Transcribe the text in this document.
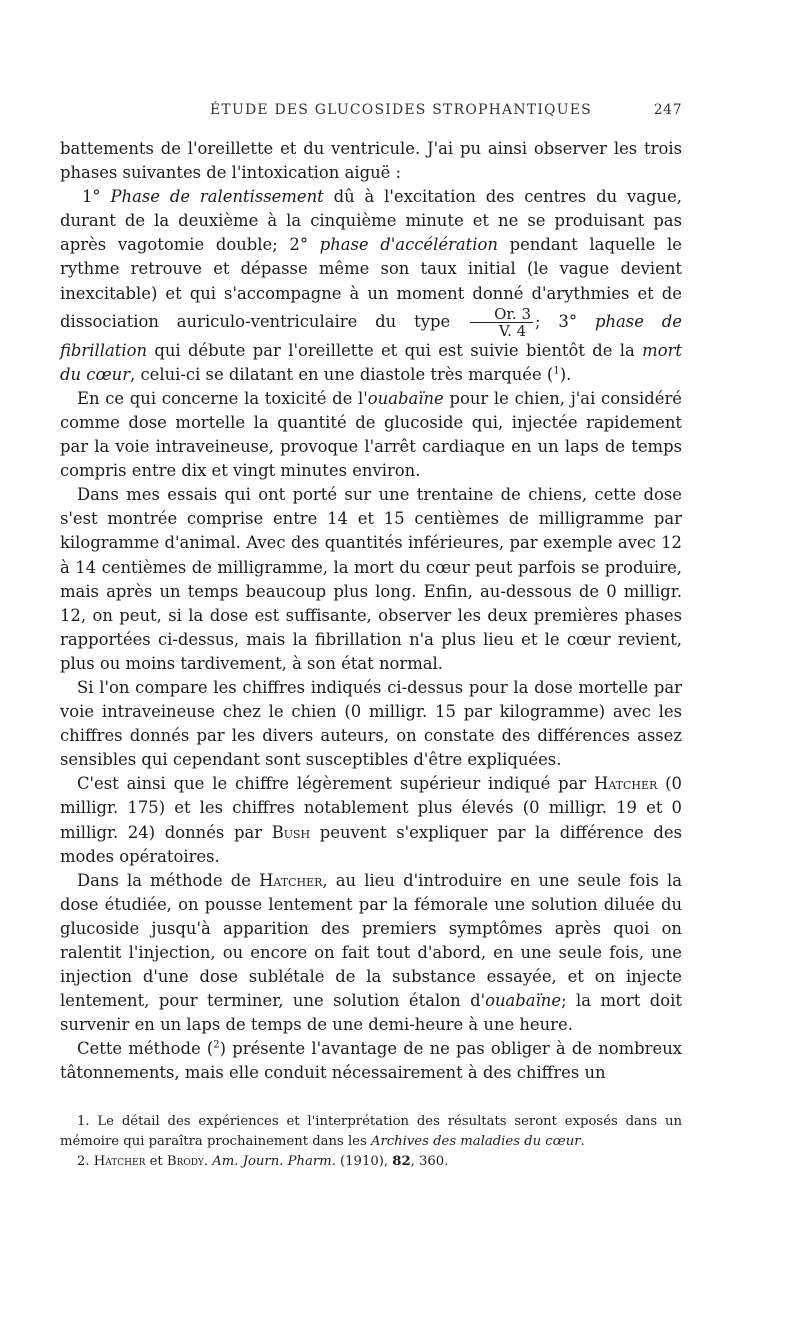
ÉTUDE DES GLUCOSIDES STROPHANTIQUES	247

battements de l'oreillette et du ventricule. J'ai pu ainsi observer les trois phases suivantes de l'intoxication aiguë :

1° Phase de ralentissement dû à l'excitation des centres du vague, durant de la deuxième à la cinquième minute et ne se produisant pas après vagotomie double; 2° phase d'accélération pendant laquelle le rythme retrouve et dépasse même son taux initial (le vague devient inexcitable) et qui s'accompagne à un moment donné d'arythmies et de dissociation auriculo-ventriculaire du type $\frac{Or. 3}{V. 4}$ ; 3° phase de fibrillation qui débute par l'oreillette et qui est suivie bientôt de la mort du cœur, celui-ci se dilatant en une diastole très marquée ($^1$).

En ce qui concerne la toxicité de l'ouabaïne pour le chien, j'ai considéré comme dose mortelle la quantité de glucoside qui, injectée rapidement par la voie intraveineuse, provoque l'arrêt cardiaque en un laps de temps compris entre dix et vingt minutes environ.

Dans mes essais qui ont porté sur une trentaine de chiens, cette dose s'est montrée comprise entre 14 et 15 centièmes de milligramme par kilogramme d'animal. Avec des quantités inférieures, par exemple avec 12 à 14 centièmes de milligramme, la mort du cœur peut parfois se produire, mais après un temps beaucoup plus long. Enfin, au-dessous de 0 milligr. 12, on peut, si la dose est suffisante, observer les deux premières phases rapportées ci-dessus, mais la fibrillation n'a plus lieu et le cœur revient, plus ou moins tardivement, à son état normal.

Si l'on compare les chiffres indiqués ci-dessus pour la dose mortelle par voie intraveineuse chez le chien (0 milligr. 15 par kilogramme) avec les chiffres donnés par les divers auteurs, on constate des différences assez sensibles qui cependant sont susceptibles d'être expliquées.

C'est ainsi que le chiffre légèrement supérieur indiqué par Hatcher (0 milligr. 175) et les chiffres notablement plus élevés (0 milligr. 19 et 0 milligr. 24) donnés par Bush peuvent s'expliquer par la différence des modes opératoires.

Dans la méthode de Hatcher, au lieu d'introduire en une seule fois la dose étudiée, on pousse lentement par la fémorale une solution diluée du glucoside jusqu'à apparition des premiers symptômes après quoi on ralentit l'injection, ou encore on fait tout d'abord, en une seule fois, une injection d'une dose sublétale de la substance essayée, et on injecte lentement, pour terminer, une solution étalon d'ouabaïne; la mort doit survenir en un laps de temps de une demi-heure à une heure.

Cette méthode ($^2$) présente l'avantage de ne pas obliger à de nombreux tâtonnements, mais elle conduit nécessairement à des chiffres un

1. Le détail des expériences et l'interprétation des résultats seront exposés dans un mémoire qui paraîtra prochainement dans les Archives des maladies du cœur.

2. Hatcher et Brody. Am. Journ. Pharm. (1910), 82, 360.
